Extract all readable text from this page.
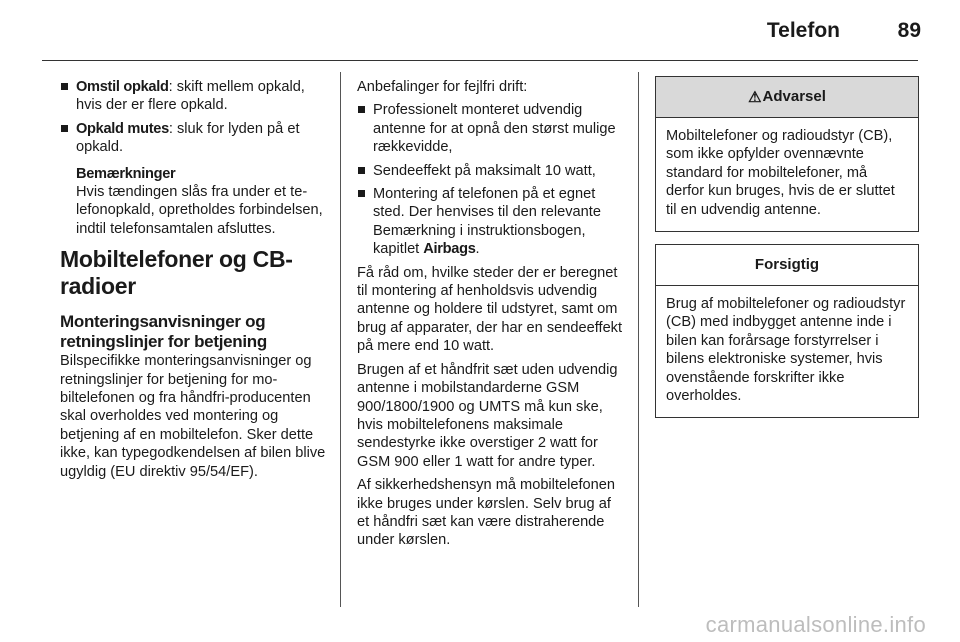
Telefon	89
Omstil opkald: skift mellem opkald, hvis der er flere opkald.
Opkald mutes: sluk for lyden på et opkald.
Bemærkninger
Hvis tændingen slås fra under et telefonopkald, opretholdes forbindelsen, indtil telefonsamtalen afsluttes.
Mobiltelefoner og CB-radioer
Monteringsanvisninger og retningslinjer for betjening

Bilspecifikke monteringsanvisninger og retningslinjer for betjening for mobiltelefonen og fra håndfri-producenten skal overholdes ved montering og betjening af en mobiltelefon. Sker dette ikke, kan typegodkendelsen af bilen blive ugyldig (EU direktiv 95/54/EF).

Anbefalinger for fejlfri drift:

Professionelt monteret udvendig antenne for at opnå den størst mulige rækkevidde,
Sendeeffekt på maksimalt 10 watt,
Montering af telefonen på et egnet sted. Der henvises til den relevante Bemærkning i instruktionsbogen, kapitlet Airbags.

Få råd om, hvilke steder der er beregnet til montering af henholdsvis udvendig antenne og holdere til udstyret, samt om brug af apparater, der har en sendeeffekt på mere end 10 watt.

Brugen af et håndfrit sæt uden udvendig antenne i mobilstandarderne GSM 900/1800/1900 og UMTS må kun ske, hvis mobiltelefonens maksimale sendestyrke ikke overstiger 2 watt for GSM 900 eller 1 watt for andre typer.

Af sikkerhedshensyn må mobiltelefonen ikke bruges under kørslen. Selv brug af et håndfri sæt kan være distraherende under kørslen.

⚠Advarsel
Mobiltelefoner og radioudstyr (CB), som ikke opfylder ovennævnte standard for mobiltelefoner, må derfor kun bruges, hvis de er sluttet til en udvendig antenne.
Forsigtig
Brug af mobiltelefoner og radioudstyr (CB) med indbygget antenne inde i bilen kan forårsage forstyrrelser i bilens elektroniske systemer, hvis ovenstående forskrifter ikke overholdes.
carmanualsonline.info
